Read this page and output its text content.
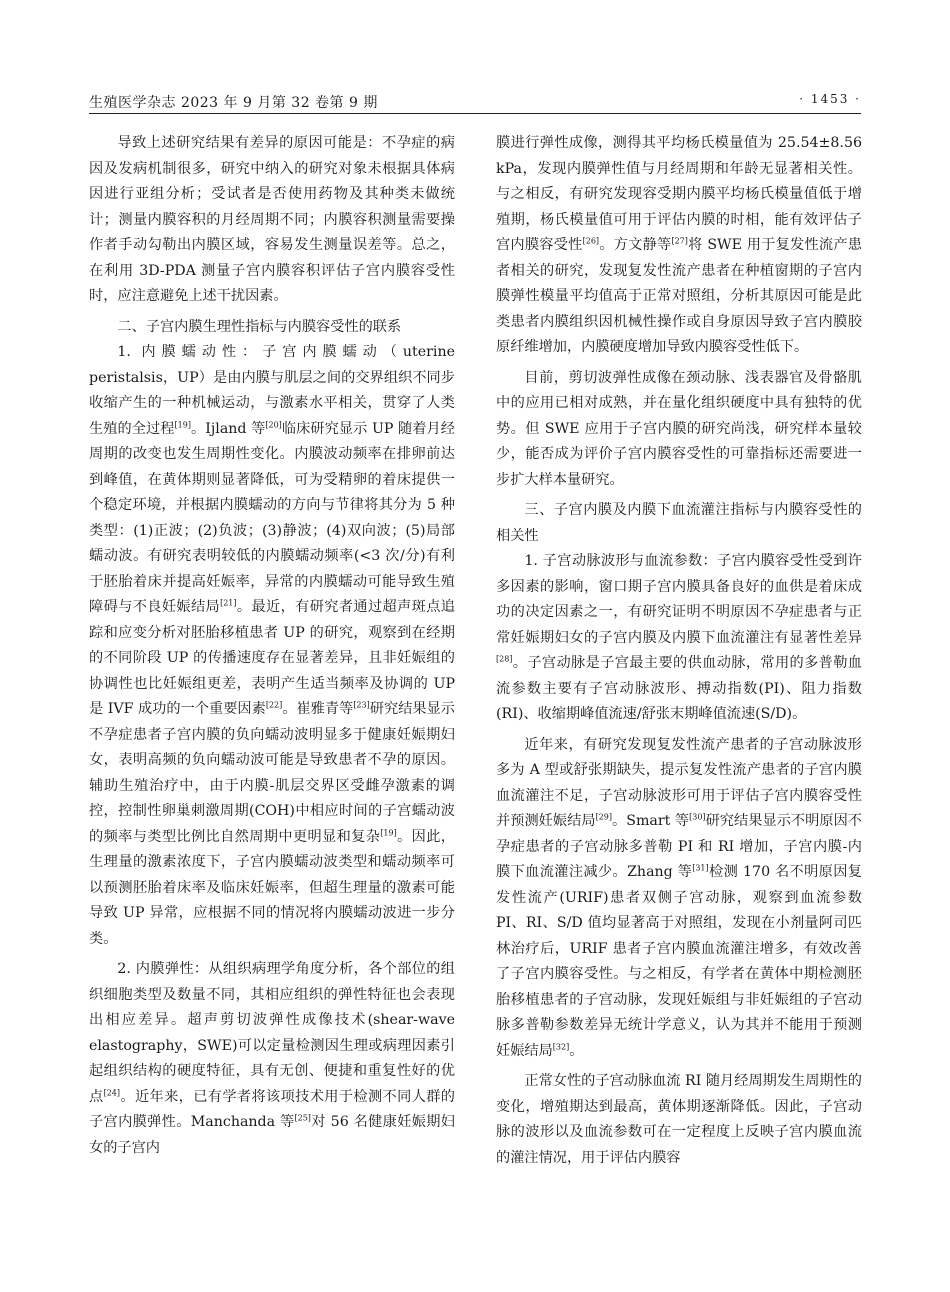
生殖医学杂志 2023 年 9 月第 32 卷第 9 期	· 1453 ·

导致上述研究结果有差异的原因可能是：不孕症的病因及发病机制很多，研究中纳入的研究对象未根据具体病因进行亚组分析；受试者是否使用药物及其种类未做统计；测量内膜容积的月经周期不同；内膜容积测量需要操作者手动勾勒出内膜区域，容易发生测量误差等。总之，在利用 3D-PDA 测量子宫内膜容积评估子宫内膜容受性时，应注意避免上述干扰因素。

二、子宫内膜生理性指标与内膜容受性的联系

1. 内膜蠕动性：子宫内膜蠕动（uterine peristalsis，UP）是由内膜与肌层之间的交界组织不同步收缩产生的一种机械运动，与激素水平相关，贯穿了人类生殖的全过程[19]。Ijland 等[20]临床研究显示 UP 随着月经周期的改变也发生周期性变化。内膜波动频率在排卵前达到峰值，在黄体期则显著降低，可为受精卵的着床提供一个稳定环境，并根据内膜蠕动的方向与节律将其分为 5 种类型：(1)正波；(2)负波；(3)静波；(4)双向波；(5)局部蠕动波。有研究表明较低的内膜蠕动频率(<3 次/分)有利于胚胎着床并提高妊娠率，异常的内膜蠕动可能导致生殖障碍与不良妊娠结局[21]。最近，有研究者通过超声斑点追踪和应变分析对胚胎移植患者 UP 的研究，观察到在经期的不同阶段 UP 的传播速度存在显著差异，且非妊娠组的协调性也比妊娠组更差，表明产生适当频率及协调的 UP 是 IVF 成功的一个重要因素[22]。崔雅青等[23]研究结果显示不孕症患者子宫内膜的负向蠕动波明显多于健康妊娠期妇女，表明高频的负向蠕动波可能是导致患者不孕的原因。辅助生殖治疗中，由于内膜-肌层交界区受雌孕激素的调控，控制性卵巢刺激周期(COH)中相应时间的子宫蠕动波的频率与类型比例比自然周期中更明显和复杂[19]。因此，生理量的激素浓度下，子宫内膜蠕动波类型和蠕动频率可以预测胚胎着床率及临床妊娠率，但超生理量的激素可能导致 UP 异常，应根据不同的情况将内膜蠕动波进一步分类。

2. 内膜弹性：从组织病理学角度分析，各个部位的组织细胞类型及数量不同，其相应组织的弹性特征也会表现出相应差异。超声剪切波弹性成像技术(shear-wave elastography，SWE)可以定量检测因生理或病理因素引起组织结构的硬度特征，具有无创、便捷和重复性好的优点[24]。近年来，已有学者将该项技术用于检测不同人群的子宫内膜弹性。Manchanda 等[25]对 56 名健康妊娠期妇女的子宫内

膜进行弹性成像，测得其平均杨氏模量值为 25.54±8.56 kPa，发现内膜弹性值与月经周期和年龄无显著相关性。与之相反，有研究发现容受期内膜平均杨氏模量值低于增殖期，杨氏模量值可用于评估内膜的时相，能有效评估子宫内膜容受性[26]。方文静等[27]将 SWE 用于复发性流产患者相关的研究，发现复发性流产患者在种植窗期的子宫内膜弹性模量平均值高于正常对照组，分析其原因可能是此类患者内膜组织因机械性操作或自身原因导致子宫内膜胶原纤维增加，内膜硬度增加导致内膜容受性低下。

目前，剪切波弹性成像在颈动脉、浅表器官及骨骼肌中的应用已相对成熟，并在量化组织硬度中具有独特的优势。但 SWE 应用于子宫内膜的研究尚浅，研究样本量较少，能否成为评价子宫内膜容受性的可靠指标还需要进一步扩大样本量研究。

三、子宫内膜及内膜下血流灌注指标与内膜容受性的相关性

1. 子宫动脉波形与血流参数：子宫内膜容受性受到许多因素的影响，窗口期子宫内膜具备良好的血供是着床成功的决定因素之一，有研究证明不明原因不孕症患者与正常妊娠期妇女的子宫内膜及内膜下血流灌注有显著性差异[28]。子宫动脉是子宫最主要的供血动脉，常用的多普勒血流参数主要有子宫动脉波形、搏动指数(PI)、阻力指数(RI)、收缩期峰值流速/舒张末期峰值流速(S/D)。

近年来，有研究发现复发性流产患者的子宫动脉波形多为 A 型或舒张期缺失，提示复发性流产患者的子宫内膜血流灌注不足，子宫动脉波形可用于评估子宫内膜容受性并预测妊娠结局[29]。Smart 等[30]研究结果显示不明原因不孕症患者的子宫动脉多普勒 PI 和 RI 增加，子宫内膜-内膜下血流灌注减少。Zhang 等[31]检测 170 名不明原因复发性流产(URIF)患者双侧子宫动脉，观察到血流参数 PI、RI、S/D 值均显著高于对照组，发现在小剂量阿司匹林治疗后，URIF 患者子宫内膜血流灌注增多，有效改善了子宫内膜容受性。与之相反，有学者在黄体中期检测胚胎移植患者的子宫动脉，发现妊娠组与非妊娠组的子宫动脉多普勒参数差异无统计学意义，认为其并不能用于预测妊娠结局[32]。

正常女性的子宫动脉血流 RI 随月经周期发生周期性的变化，增殖期达到最高，黄体期逐渐降低。因此，子宫动脉的波形以及血流参数可在一定程度上反映子宫内膜血流的灌注情况，用于评估内膜容
